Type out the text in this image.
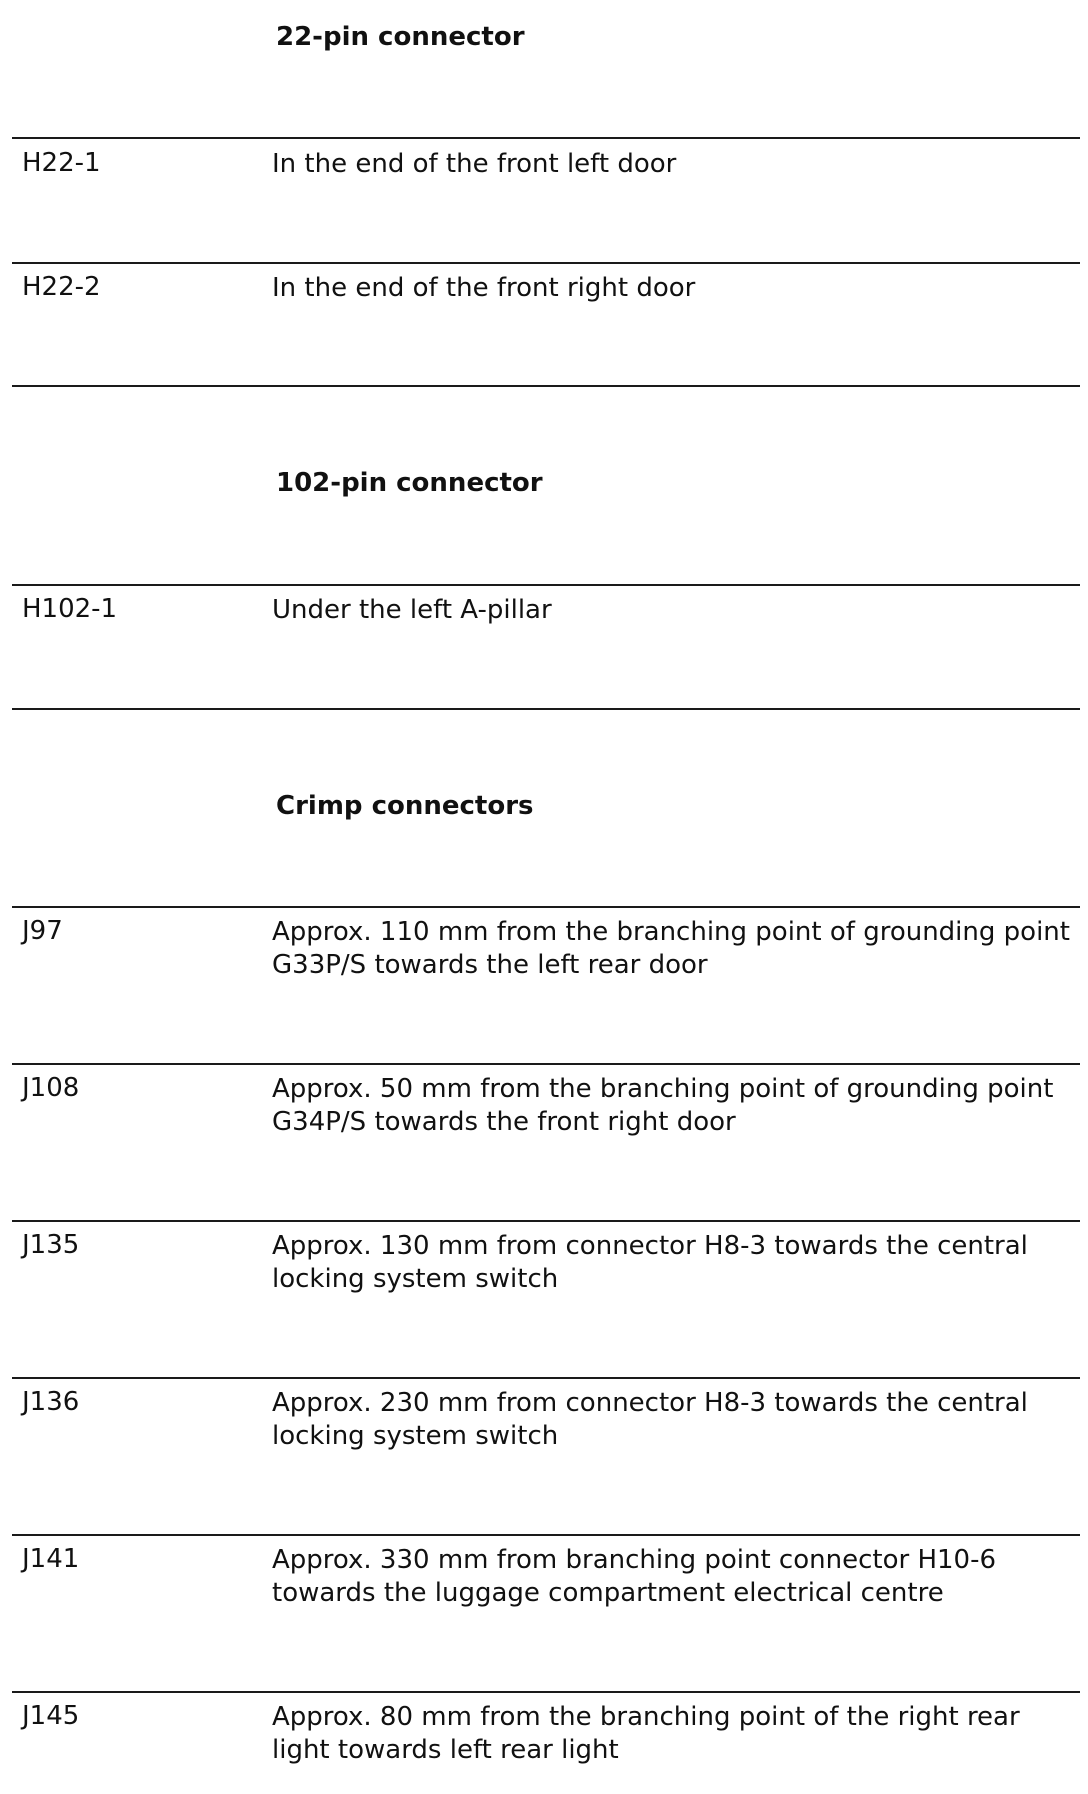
22-pin connector
H22-1	In the end of the front left door
H22-2	In the end of the front right door
102-pin connector
H102-1	Under the left A-pillar
Crimp connectors
J97	Approx. 110 mm from the branching point of grounding point G33P/S towards the left rear door
J108	Approx. 50 mm from the branching point of grounding point G34P/S towards the front right door
J135	Approx. 130 mm from connector H8-3 towards the central locking system switch
J136	Approx. 230 mm from connector H8-3 towards the central locking system switch
J141	Approx. 330 mm from branching point connector H10-6 towards the luggage compartment electrical centre
J145	Approx. 80 mm from the branching point of the right rear light towards left rear light
